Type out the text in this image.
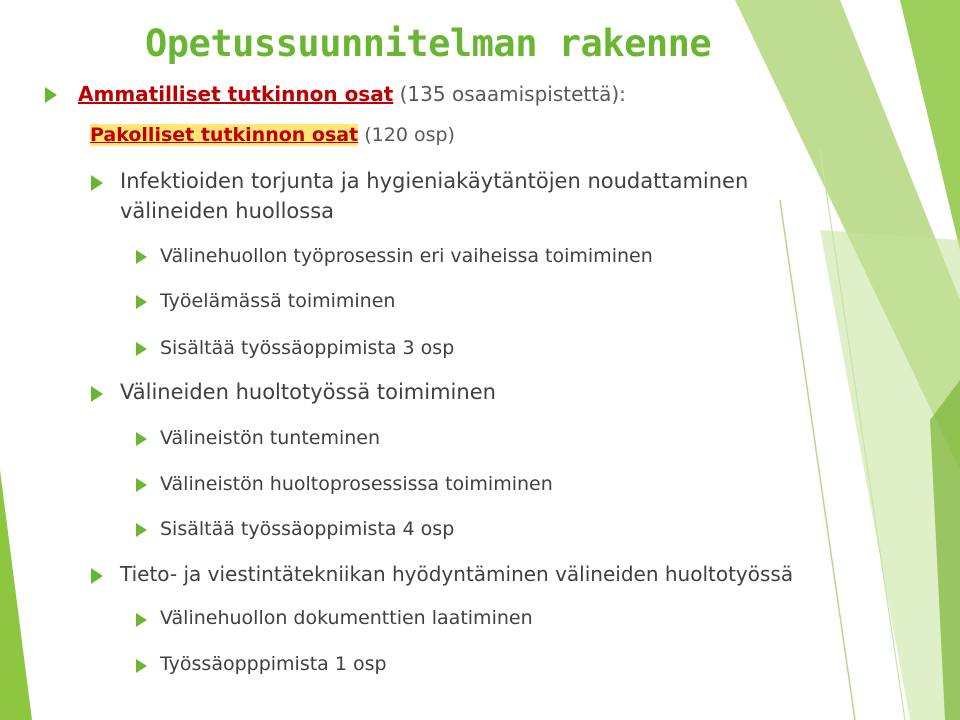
Opetussuunnitelman rakenne
Ammatilliset tutkinnon osat (135 osaamispistettä):
Pakolliset tutkinnon osat (120 osp)
Infektioiden torjunta ja hygieniakäytäntöjen noudattaminen
välineiden huollossa
Välinehuollon työprosessin eri vaiheissa toimiminen
Työelämässä toimiminen
Sisältää työssäoppimista 3 osp
Välineiden huoltotyössä toimiminen
Välineistön tunteminen
Välineistön huoltoprosessissa toimiminen
Sisältää työssäoppimista 4 osp
Tieto- ja viestintätekniikan hyödyntäminen välineiden huoltotyössä
Välinehuollon dokumenttien laatiminen
Työssäopppimista 1 osp
